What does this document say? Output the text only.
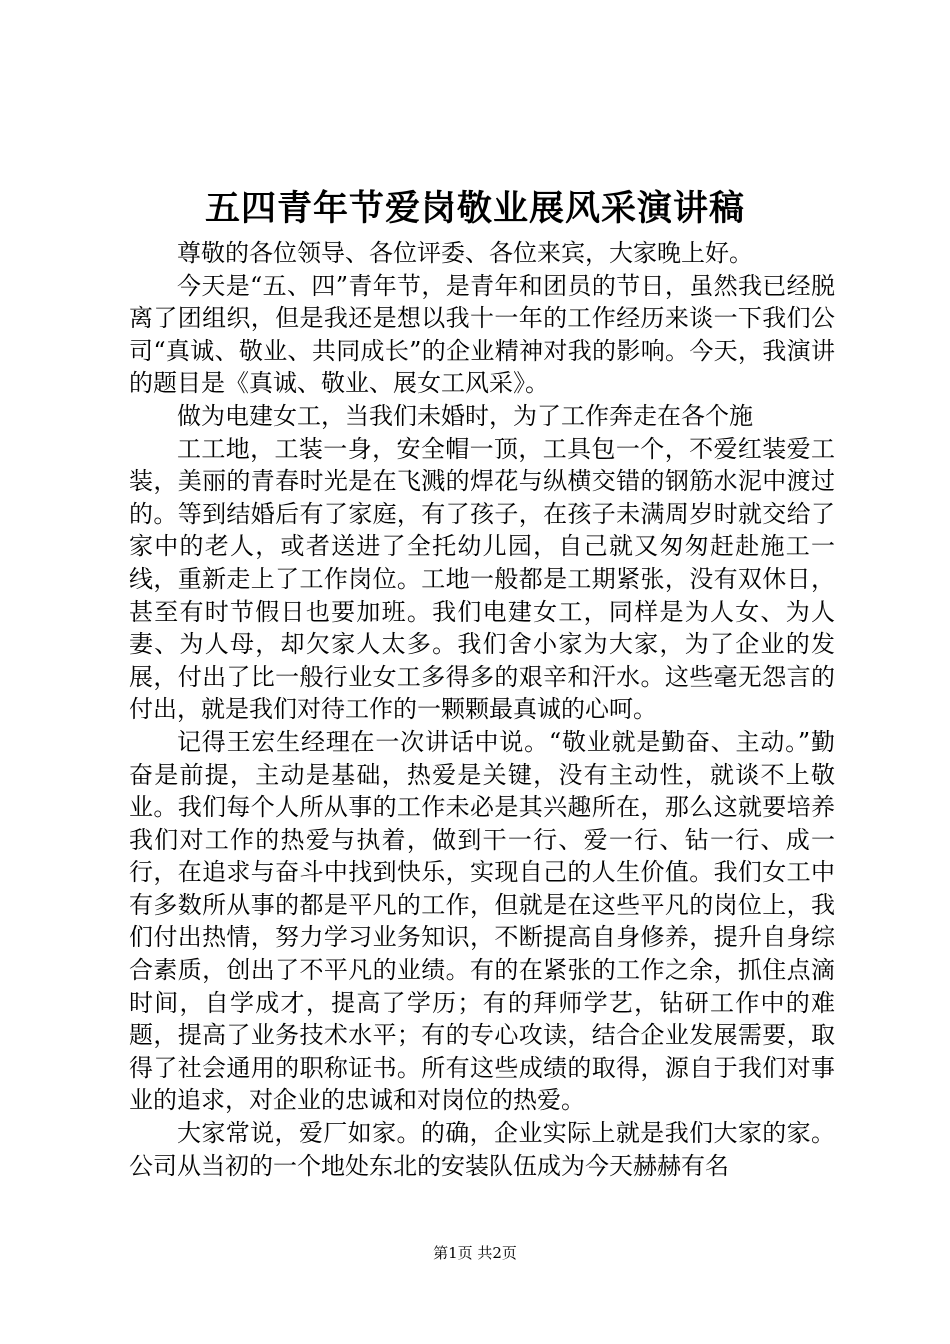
五四青年节爱岗敬业展风采演讲稿

尊敬的各位领导、各位评委、各位来宾，大家晚上好。

今天是“五、四”青年节，是青年和团员的节日，虽然我已经脱离了团组织，但是我还是想以我十一年的工作经历来谈一下我们公司“真诚、敬业、共同成长”的企业精神对我的影响。今天，我演讲的题目是《真诚、敬业、展女工风采》。

做为电建女工，当我们未婚时，为了工作奔走在各个施

工工地，工装一身，安全帽一顶，工具包一个，不爱红装爱工装，美丽的青春时光是在飞溅的焊花与纵横交错的钢筋水泥中渡过的。等到结婚后有了家庭，有了孩子，在孩子未满周岁时就交给了家中的老人，或者送进了全托幼儿园，自己就又匆匆赶赴施工一线，重新走上了工作岗位。工地一般都是工期紧张，没有双休日，甚至有时节假日也要加班。我们电建女工，同样是为人女、为人妻、为人母，却欠家人太多。我们舍小家为大家，为了企业的发展，付出了比一般行业女工多得多的艰辛和汗水。这些毫无怨言的付出，就是我们对待工作的一颗颗最真诚的心呵。

记得王宏生经理在一次讲话中说。“敬业就是勤奋、主动。”勤奋是前提，主动是基础，热爱是关键，没有主动性，就谈不上敬业。我们每个人所从事的工作未必是其兴趣所在，那么这就要培养我们对工作的热爱与执着，做到干一行、爱一行、钻一行、成一行，在追求与奋斗中找到快乐，实现自己的人生价值。我们女工中有多数所从事的都是平凡的工作，但就是在这些平凡的岗位上，我们付出热情，努力学习业务知识，不断提高自身修养，提升自身综合素质，创出了不平凡的业绩。有的在紧张的工作之余，抓住点滴时间，自学成才，提高了学历；有的拜师学艺，钻研工作中的难题，提高了业务技术水平；有的专心攻读，结合企业发展需要，取得了社会通用的职称证书。所有这些成绩的取得，源自于我们对事业的追求，对企业的忠诚和对岗位的热爱。

大家常说，爱厂如家。的确，企业实际上就是我们大家的家。公司从当初的一个地处东北的安装队伍成为今天赫赫有名

第1页 共2页
